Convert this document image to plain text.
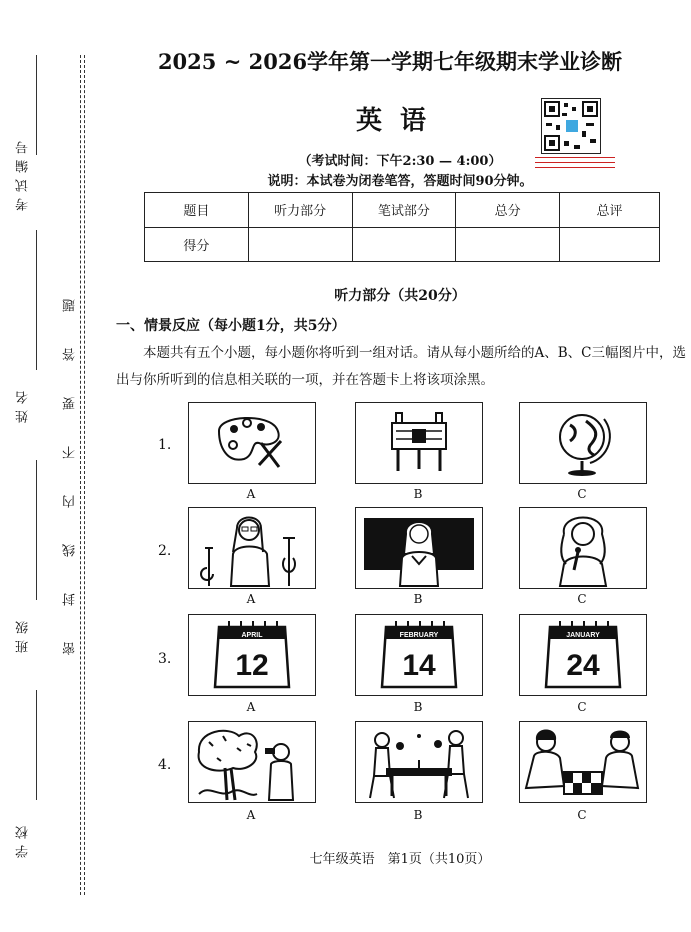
考试编号
姓名
班级
学校
密封线内不要答题
2025 ~ 2026学年第一学期七年级期末学业诊断
英语
（考试时间：下午2:30 — 4:00）
说明：本试卷为闭卷笔答，答题时间90分钟。
题目	听力部分	笔试部分	总分	总评
得分				
听力部分（共20分）
一、情景反应（每小题1分，共5分）
本题共有五个小题，每小题你将听到一组对话。请从每小题所给的A、B、C三幅图片中，选出与你所听到的信息相关联的一项，并在答题卡上将该项涂黑。
1.
2.
3.
4.
A	B	C
A	B	C
APRIL
12
FEBRUARY
14
JANUARY
24
A	B	C
A	B	C
七年级英语　第1页（共10页）
